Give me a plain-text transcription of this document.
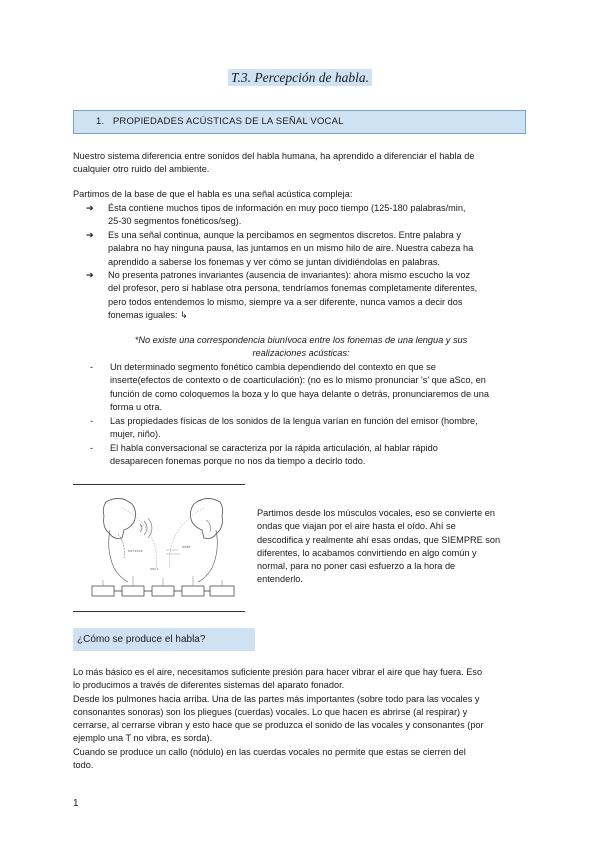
T.3. Percepción de habla.
1. PROPIEDADES ACÚSTICAS DE LA SEÑAL VOCAL
Nuestro sistema diferencia entre sonidos del habla humana, ha aprendido a diferenciar el habla de
cualquier otro ruido del ambiente.
Partimos de la base de que el habla es una señal acústica compleja:
➔ Ésta contiene muchos tipos de información en muy poco tiempo (125-180 palabras/min,
25-30 segmentos fonéticos/seg).
➔ Es una señal continua, aunque la percibamos en segmentos discretos. Entre palabra y
palabra no hay ninguna pausa, las juntamos en un mismo hilo de aire. Nuestra cabeza ha
aprendido a saberse los fonemas y ver cómo se juntan dividiéndolas en palabras.
➔ No presenta patrones invariantes (ausencia de invariantes): ahora mismo escucho la voz
del profesor, pero si hablase otra persona, tendríamos fonemas completamente diferentes,
pero todos entendemos lo mismo, siempre va a ser diferente, nunca vamos a decir dos
fonemas iguales: ↳
*No existe una correspondencia biunívoca entre los fonemas de una lengua y sus
realizaciones acústicas:
- Un determinado segmento fonético cambia dependiendo del contexto en que se
inserte(efectos de contexto o de coarticulación): (no es lo mismo pronunciar 's' que aSco, en
función de como coloquemos la boza y lo que haya delante o detrás, pronunciaremos de una
forma u otra.
- Las propiedades físicas de los sonidos de la lengua varían en función del emisor (hombre,
mujer, niño).
- El habla conversacional se caracteriza por la rápida articulación, al hablar rápido
desaparecen fonemas porque no nos da tiempo a decirlo todo.
nervios
onda
neur.
Partimos desde los músculos vocales, eso se convierte en
ondas que viajan por el aire hasta el oído. Ahí se
descodifica y realmente ahí esas ondas, que SIEMPRE son
diferentes, lo acabamos convirtiendo en algo común y
normal, para no poner casi esfuerzo a la hora de
entenderlo.
¿Cómo se produce el habla?
Lo más básico es el aire, necesitamos suficiente presión para hacer vibrar el aire que hay fuera. Eso
lo producimos a través de diferentes sistemas del aparato fonador.
Desde los pulmones hacia arriba. Una de las partes más importantes (sobre todo para las vocales y
consonantes sonoras) son los pliegues (cuerdas) vocales. Lo que hacen es abrirse (al respirar) y
cerrarse, al cerrarse vibran y esto hace que se produzca el sonido de las vocales y consonantes (por
ejemplo una T no vibra, es sorda).
Cuando se produce un callo (nódulo) en las cuerdas vocales no permite que estas se cierren del
todo.
1
